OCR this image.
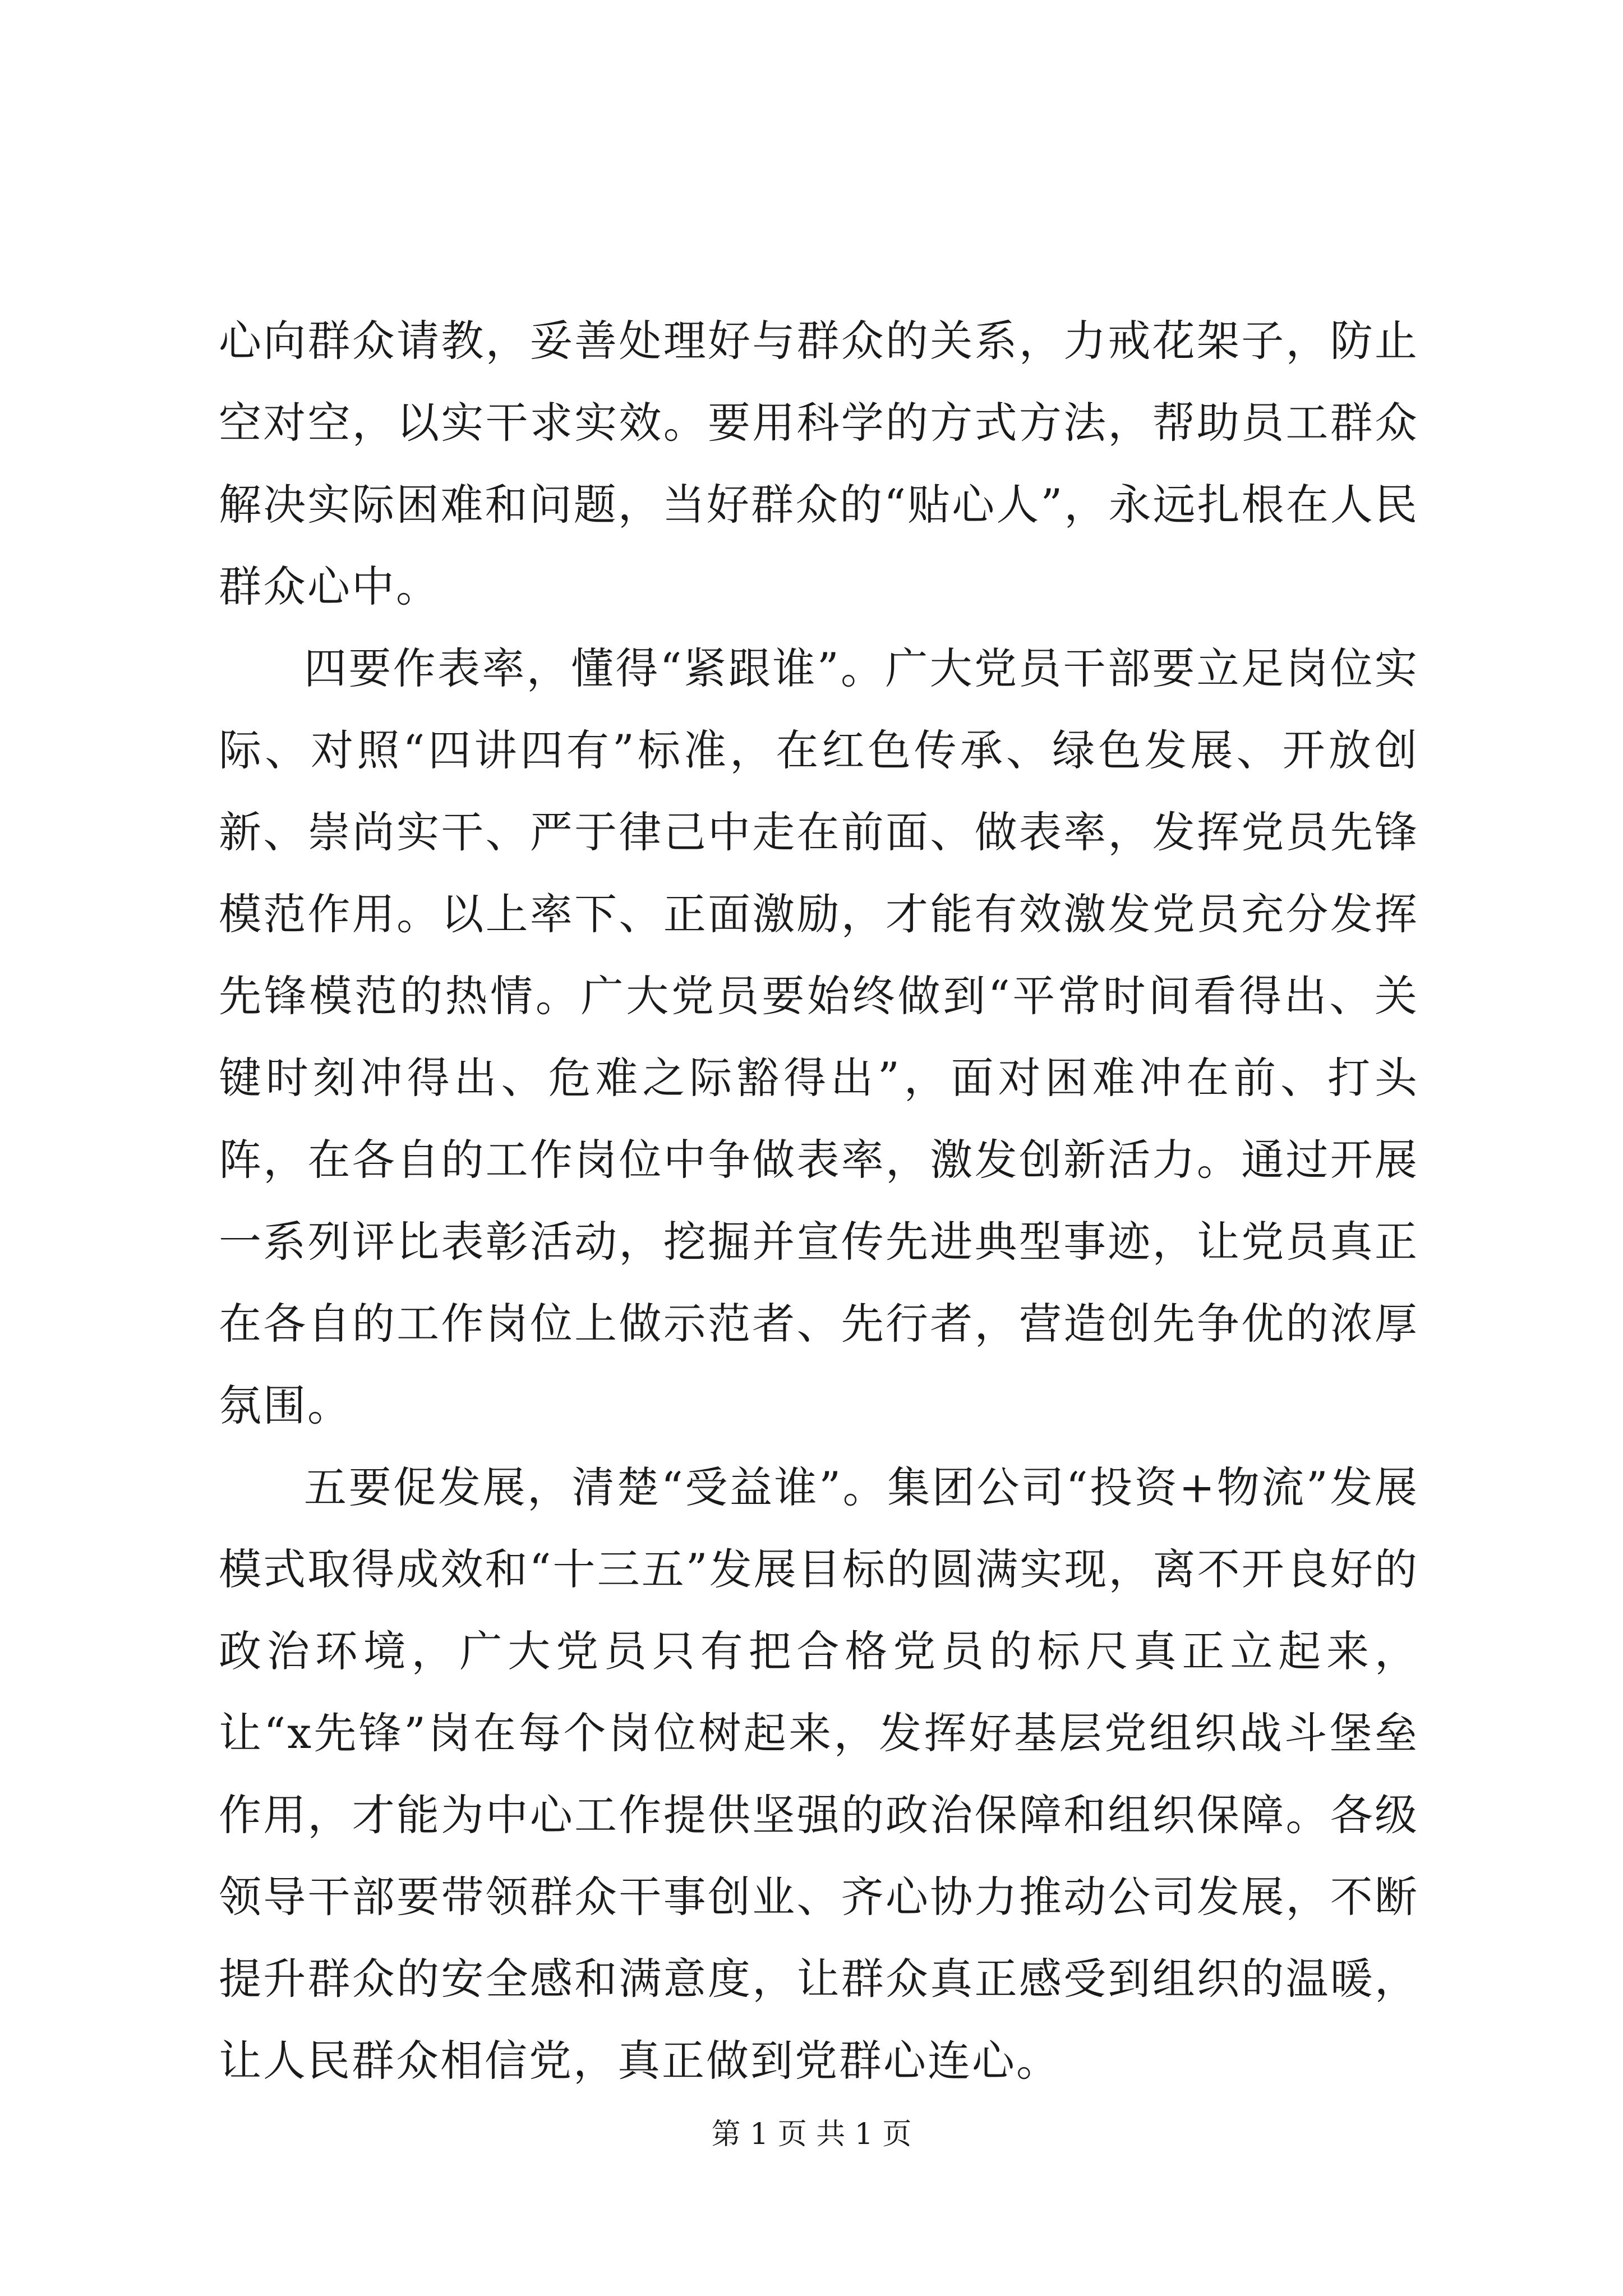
心向群众请教，妥善处理好与群众的关系，力戒花架子，防止空对空，以实干求实效。要用科学的方式方法，帮助员工群众解决实际困难和问题，当好群众的“贴心人”，永远扎根在人民群众心中。

四要作表率，懂得“紧跟谁”。广大党员干部要立足岗位实际、对照“四讲四有”标准，在红色传承、绿色发展、开放创新、崇尚实干、严于律己中走在前面、做表率，发挥党员先锋模范作用。以上率下、正面激励，才能有效激发党员充分发挥先锋模范的热情。广大党员要始终做到“平常时间看得出、关键时刻冲得出、危难之际豁得出”，面对困难冲在前、打头阵，在各自的工作岗位中争做表率，激发创新活力。通过开展一系列评比表彰活动，挖掘并宣传先进典型事迹，让党员真正在各自的工作岗位上做示范者、先行者，营造创先争优的浓厚氛围。

五要促发展，清楚“受益谁”。集团公司“投资+物流”发展模式取得成效和“十三五”发展目标的圆满实现，离不开良好的政治环境，广大党员只有把合格党员的标尺真正立起来，让“x先锋”岗在每个岗位树起来，发挥好基层党组织战斗堡垒作用，才能为中心工作提供坚强的政治保障和组织保障。各级领导干部要带领群众干事创业、齐心协力推动公司发展，不断提升群众的安全感和满意度，让群众真正感受到组织的温暖，让人民群众相信党，真正做到党群心连心。

第 1 页 共 1 页
